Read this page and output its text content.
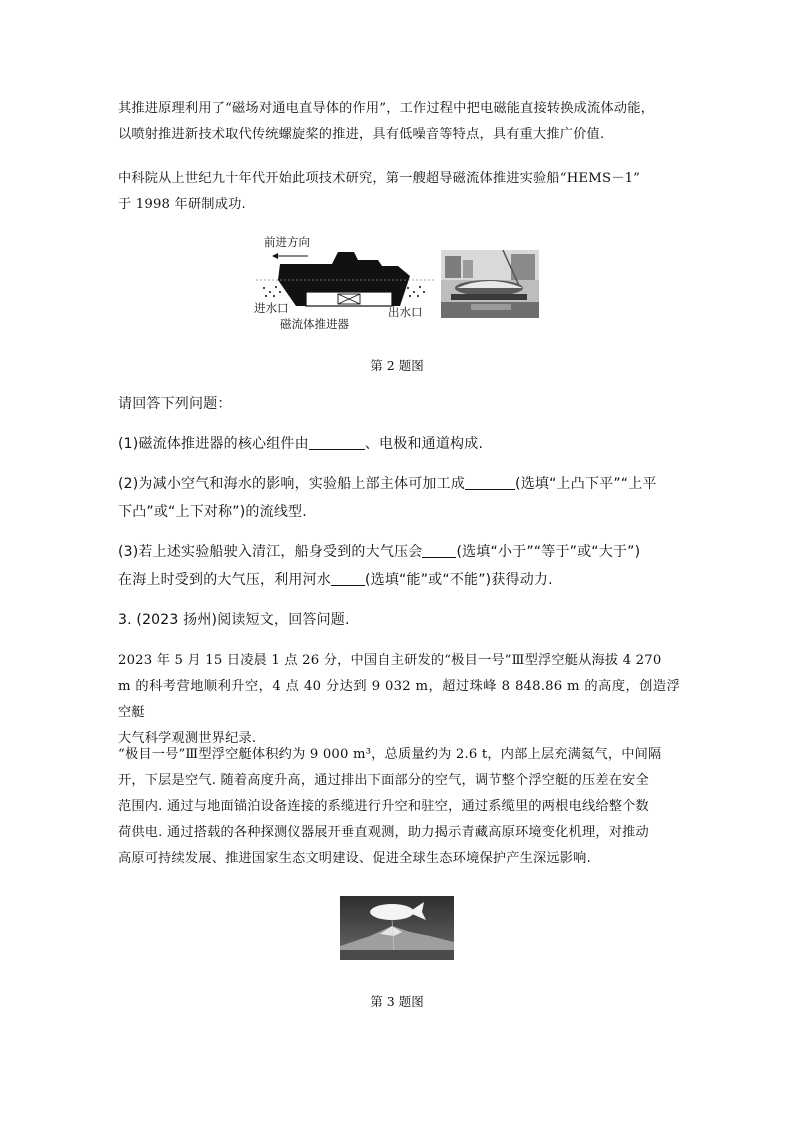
其推进原理利用了“磁场对通电直导体的作用”，工作过程中把电磁能直接转换成流体动能，
以喷射推进新技术取代传统螺旋桨的推进，具有低噪音等特点，具有重大推广价值.
中科院从上世纪九十年代开始此项技术研究，第一艘超导磁流体推进实验船“HEMS－1”
于 1998 年研制成功.
前进方向
进水口	出水口
磁流体推进器
第 2 题图
请回答下列问题：
(1)磁流体推进器的核心组件由	、电极和通道构成.
(2)为减小空气和海水的影响，实验船上部主体可加工成	(选填“上凸下平”“上平
下凸”或“上下对称”)的流线型.
(3)若上述实验船驶入清江，船身受到的大气压会 (选填“小于”“等于”或“大于”)
在海上时受到的大气压，利用河水 (选填“能”或“不能”)获得动力.
3. (2023 扬州)阅读短文，回答问题.
2023 年 5 月 15 日凌晨 1 点 26 分，中国自主研发的“极目一号”Ⅲ型浮空艇从海拔 4 270
m 的科考营地顺利升空，4 点 40 分达到 9 032 m，超过珠峰 8 848.86 m 的高度，创造浮空艇
大气科学观测世界纪录.
“极目一号”Ⅲ型浮空艇体积约为 9 000 m³，总质量约为 2.6 t，内部上层充满氦气，中间隔
开，下层是空气. 随着高度升高，通过排出下面部分的空气，调节整个浮空艇的压差在安全
范围内. 通过与地面锚泊设备连接的系缆进行升空和驻空，通过系缆里的两根电线给整个数
荷供电. 通过搭载的各种探测仪器展开垂直观测，助力揭示青藏高原环境变化机理，对推动
高原可持续发展、推进国家生态文明建设、促进全球生态环境保护产生深远影响.
第 3 题图
